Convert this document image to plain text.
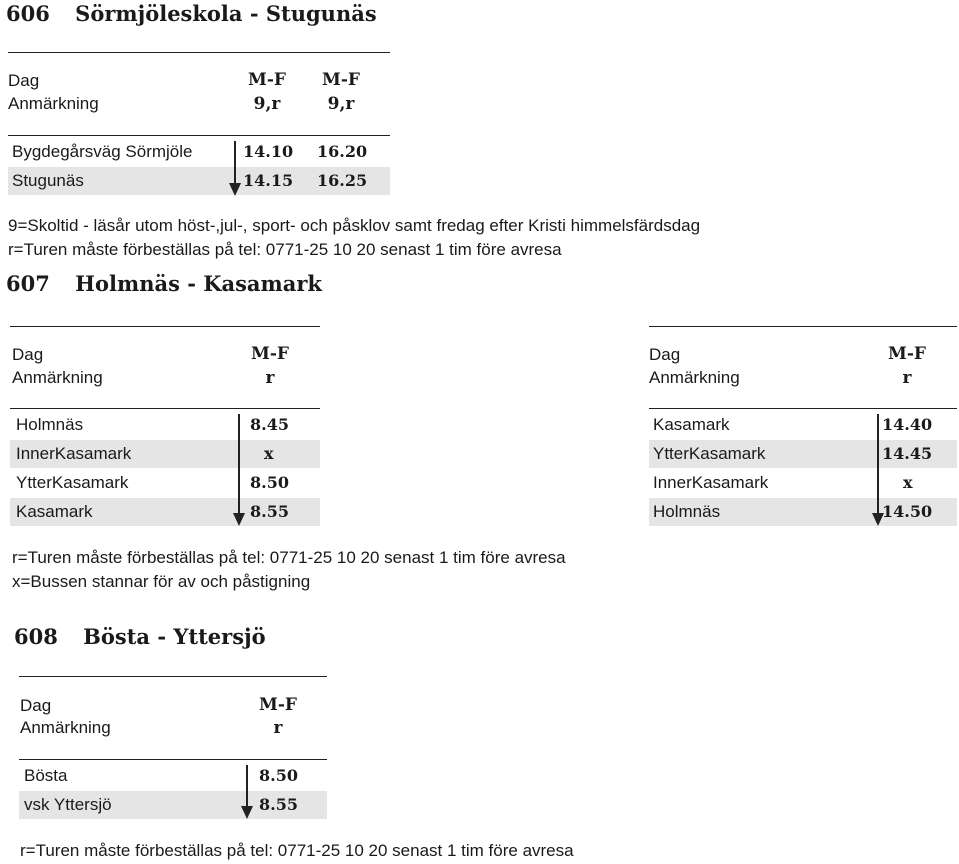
606 Sörmjöleskola - Stugunäs
Dag
Anmärkning
M-F
9,r
M-F
9,r
Bygdegårsväg Sörmjöle	14.10 16.20
Stugunäs	14.15 16.25
9=Skoltid - läsår utom höst-,jul-, sport- och påsklov samt fredag efter Kristi himmelsfärdsdag
r=Turen måste förbeställas på tel: 0771-25 10 20 senast 1 tim före avresa
607 Holmnäs - Kasamark
Dag
Anmärkning
M-F
r
Holmnäs	8.45
InnerKasamark	x
YtterKasamark	8.50
Kasamark	8.55
Dag
Anmärkning
M-F
r
Kasamark	14.40
YtterKasamark	14.45
InnerKasamark	x
Holmnäs	14.50
r=Turen måste förbeställas på tel: 0771-25 10 20 senast 1 tim före avresa
x=Bussen stannar för av och påstigning
608 Bösta - Yttersjö
Dag
Anmärkning
M-F
r
Bösta	8.50
vsk Yttersjö	8.55
r=Turen måste förbeställas på tel: 0771-25 10 20 senast 1 tim före avresa
